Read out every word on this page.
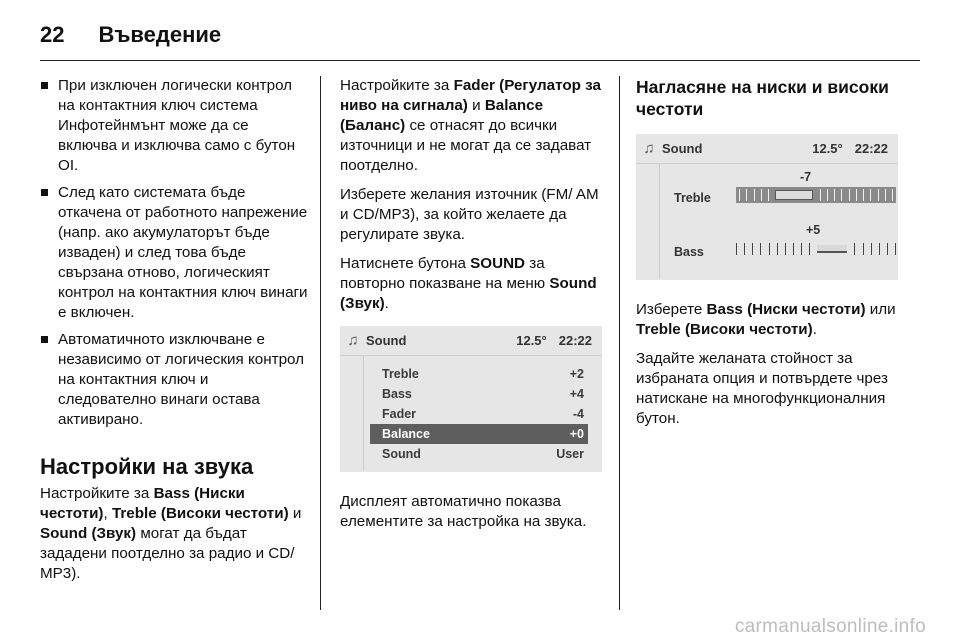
22 Въведение
При изключен логически контрол на контактния ключ система Инфотейнмънт може да се включва и изключва само с бутон ОІ.
След като системата бъде откачена от работното напрежение (напр. ако акумулаторът бъде изваден) и след това бъде свързана отново, логическият контрол на контактния ключ винаги е включен.
Автоматичното изключване е независимо от логическия контрол на контактния ключ и следователно винаги остава активирано.
Настройки на звука

Настройките за Bass (Ниски честоти), Treble (Високи честоти) и Sound (Звук) могат да бъдат зададени поотделно за радио и CD/ MP3).

Настройките за Fader (Регулатор за ниво на сигнала) и Balance (Баланс) се отнасят до всички източници и не могат да се задават поотделно.

Изберете желания източник (FM/ AM и CD/MP3), за който желаете да регулирате звука.

Натиснете бутона SOUND за повторно показване на меню Sound (Звук).

♫ Sound	12.5° 22:22
Treble	+2
Bass	+4
Fader	-4
Balance	+0
Sound	User

Дисплеят автоматично показва елементите за настройка на звука.

Нагласяне на ниски и високи честоти
♫ Sound	12.5° 22:22
-7
Treble
+5
Bass

Изберете Bass (Ниски честоти) или Treble (Високи честоти).

Задайте желаната стойност за избраната опция и потвърдете чрез натискане на многофункционалния бутон.

carmanualsonline.info
